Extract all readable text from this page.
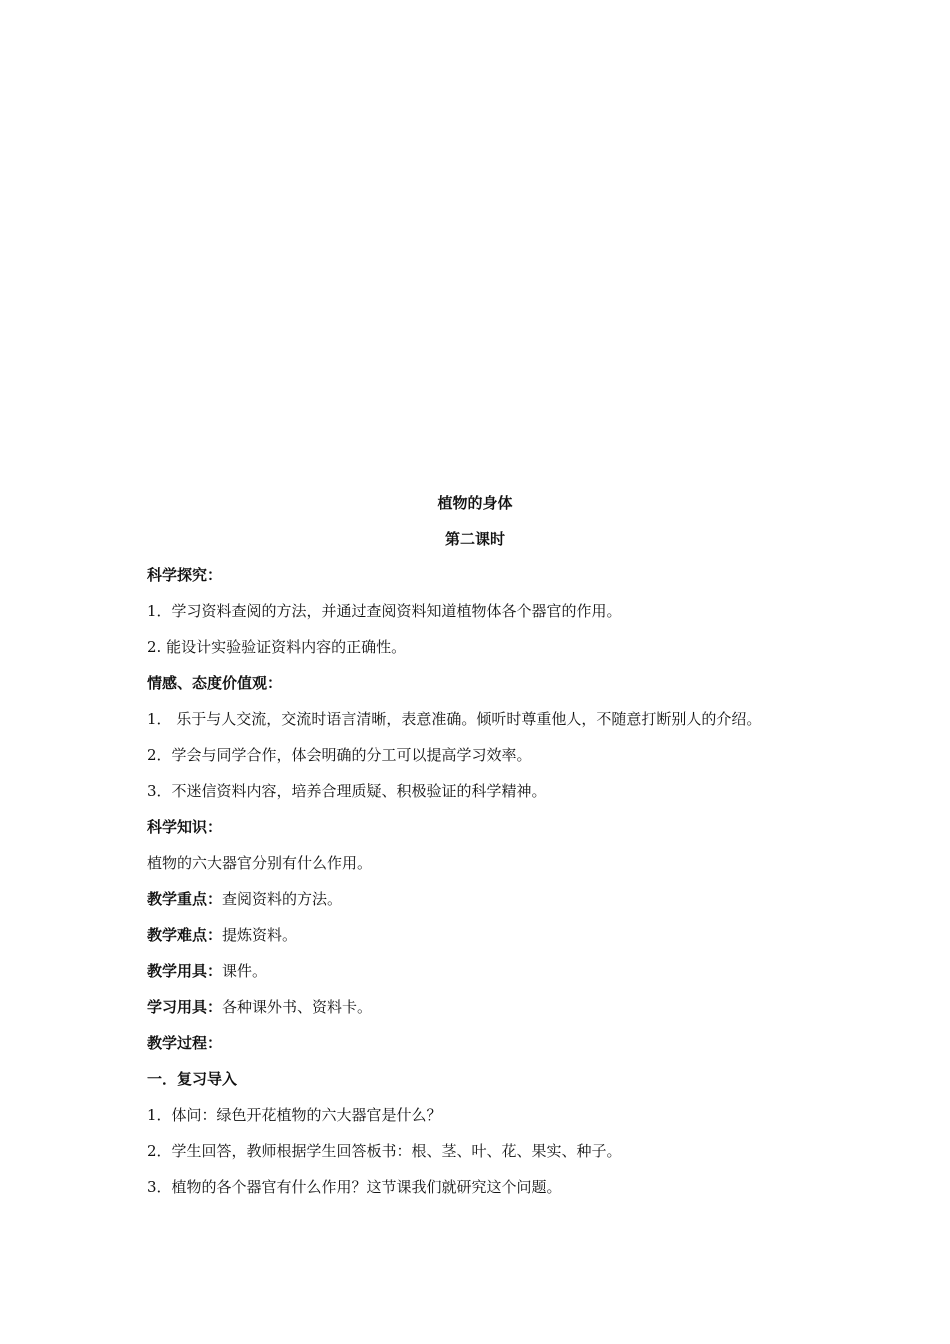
植物的身体
第二课时
科学探究：
1．学习资料查阅的方法，并通过查阅资料知道植物体各个器官的作用。
2. 能设计实验验证资料内容的正确性。
情感、态度价值观：
1． 乐于与人交流，交流时语言清晰，表意准确。倾听时尊重他人，不随意打断别人的介绍。
2．学会与同学合作，体会明确的分工可以提高学习效率。
3．不迷信资料内容，培养合理质疑、积极验证的科学精神。
科学知识：
植物的六大器官分别有什么作用。
教学重点：查阅资料的方法。
教学难点：提炼资料。
教学用具：课件。
学习用具：各种课外书、资料卡。
教学过程：
一．复习导入
1．体问：绿色开花植物的六大器官是什么？
2．学生回答，教师根据学生回答板书：根、茎、叶、花、果实、种子。
3．植物的各个器官有什么作用？这节课我们就研究这个问题。
